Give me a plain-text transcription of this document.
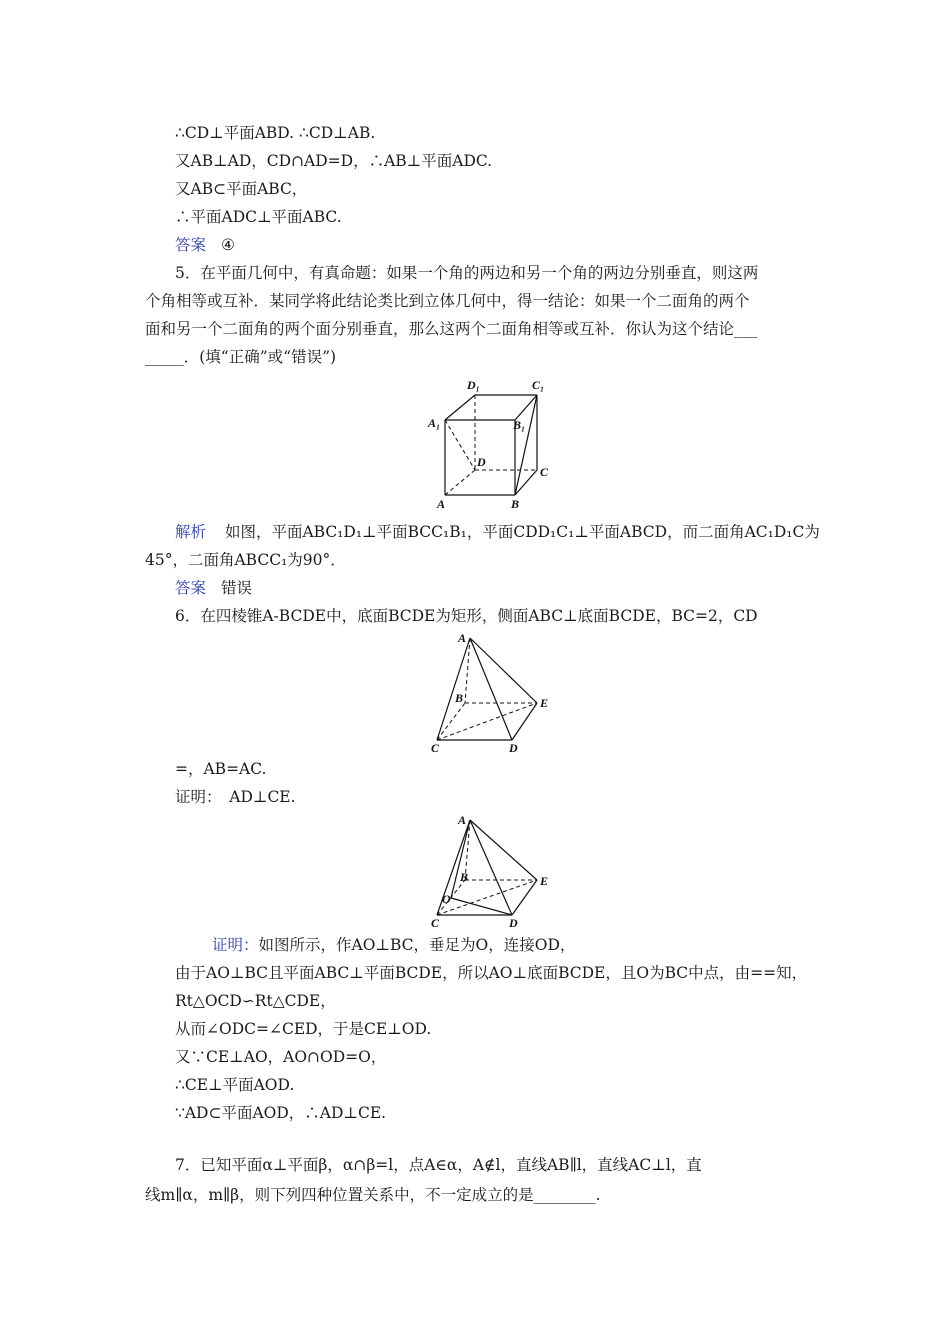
∴CD⊥平面ABD. ∴CD⊥AB.
又AB⊥AD，CD∩AD=D，∴AB⊥平面ADC.
又AB⊂平面ABC，
∴平面ADC⊥平面ABC.
答案 ④
5．在平面几何中，有真命题：如果一个角的两边和另一个角的两边分别垂直，则这两
个角相等或互补．某同学将此结论类比到立体几何中，得一结论：如果一个二面角的两个
面和另一个二面角的两个面分别垂直，那么这两个二面角相等或互补．你认为这个结论___
_____．(填“正确”或“错误”)
D₁	C₁
A₁	B₁
D
C
A	B
解析 如图，平面ABC₁D₁⊥平面BCC₁B₁，平面CDD₁C₁⊥平面ABCD，而二面角AC₁D₁C为
45°，二面角ABCC₁为90°．
答案 错误
6．在四棱锥A-BCDE中，底面BCDE为矩形，侧面ABC⊥底面BCDE，BC=2，CD
A
B	E
C	D
=，AB=AC.
证明：　AD⊥CE.
A
B	E
O
C	D
证明：如图所示，作AO⊥BC，垂足为O，连接OD，
由于AO⊥BC且平面ABC⊥平面BCDE，所以AO⊥底面BCDE，且O为BC中点，由==知，
Rt△OCD∽Rt△CDE，
从而∠ODC=∠CED，于是CE⊥OD.
又∵CE⊥AO，AO∩OD=O，
∴CE⊥平面AOD.
∵AD⊂平面AOD，∴AD⊥CE.
7．已知平面α⊥平面β，α∩β=l，点A∈α，A∉l，直线AB∥l，直线AC⊥l，直
线m∥α，m∥β，则下列四种位置关系中，不一定成立的是________.
